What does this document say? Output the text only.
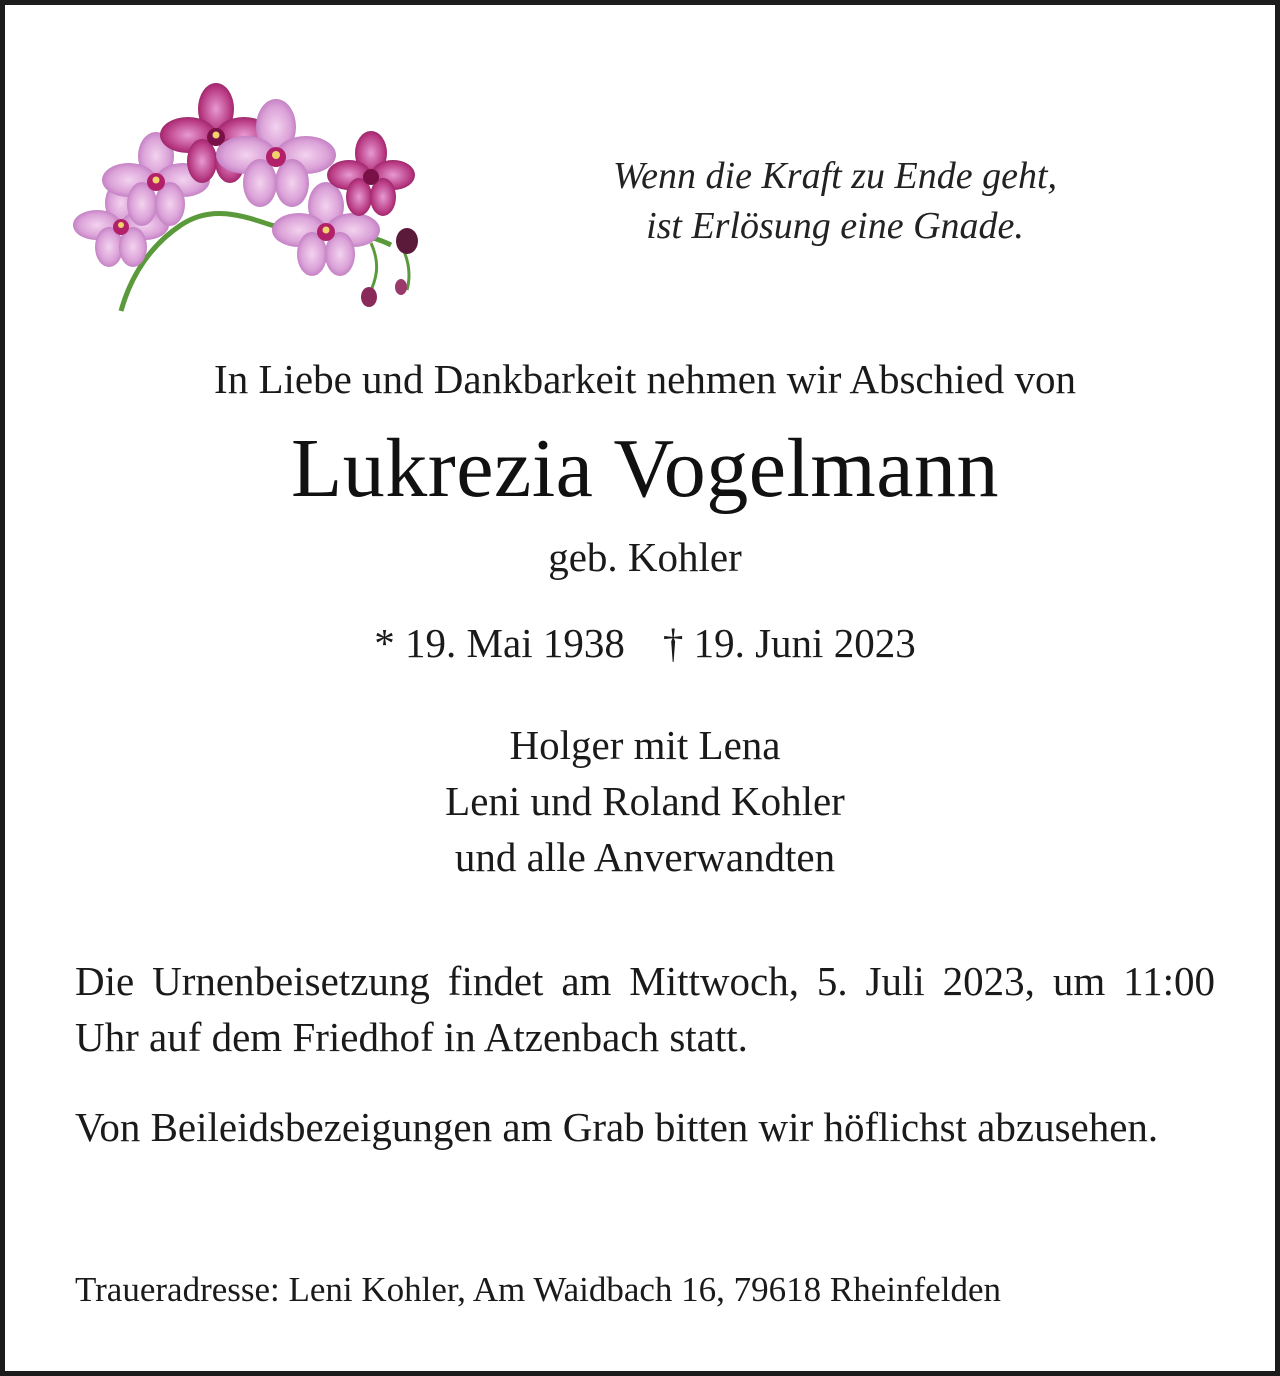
Wenn die Kraft zu Ende geht,
ist Erlösung eine Gnade.
In Liebe und Dankbarkeit nehmen wir Abschied von
Lukrezia Vogelmann
geb. Kohler
* 19. Mai 1938 † 19. Juni 2023
Holger mit Lena
Leni und Roland Kohler
und alle Anverwandten
Die Urnenbeisetzung findet am Mittwoch, 5. Juli 2023, um 11:00 Uhr auf dem Friedhof in Atzenbach statt.
Von Beileidsbezeigungen am Grab bitten wir höflichst abzusehen.
Traueradresse: Leni Kohler, Am Waidbach 16, 79618 Rheinfelden
